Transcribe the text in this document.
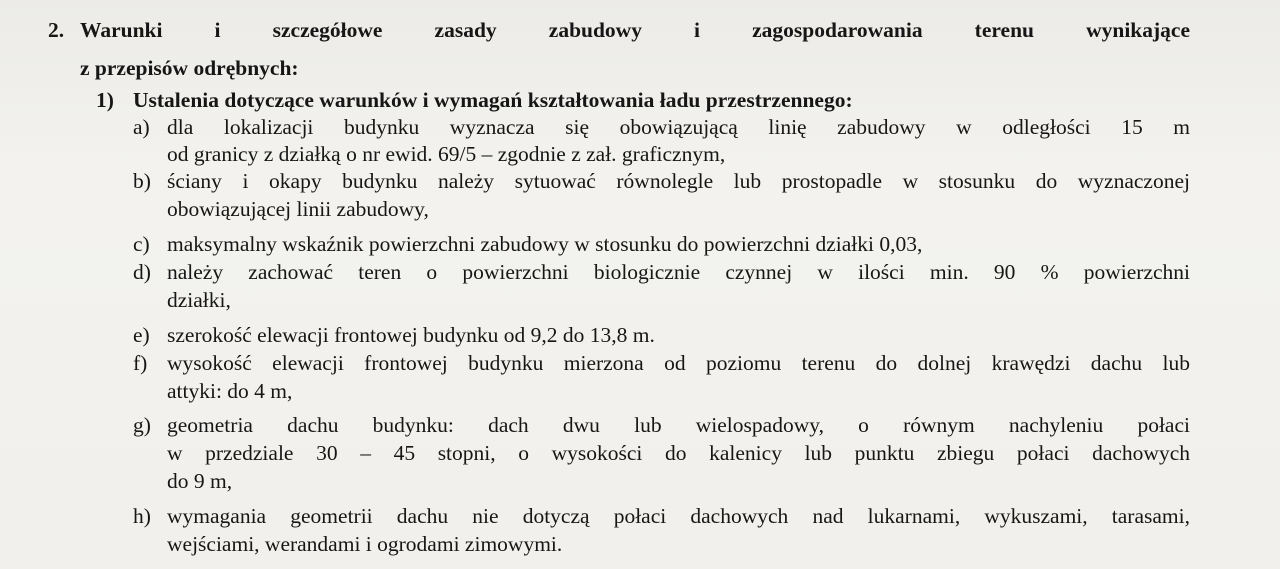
2. Warunki i szczegółowe zasady zabudowy i zagospodarowania terenu wynikające
z przepisów odrębnych:
1) Ustalenia dotyczące warunków i wymagań kształtowania ładu przestrzennego:
a) dla lokalizacji budynku wyznacza się obowiązującą linię zabudowy w odległości 15 m
od granicy z działką o nr ewid. 69/5 – zgodnie z zał. graficznym,
b) ściany i okapy budynku należy sytuować równolegle lub prostopadle w stosunku do wyznaczonej
obowiązującej linii zabudowy,
c) maksymalny wskaźnik powierzchni zabudowy w stosunku do powierzchni działki 0,03,
d) należy zachować teren o powierzchni biologicznie czynnej w ilości min. 90 % powierzchni
działki,
e) szerokość elewacji frontowej budynku od 9,2 do 13,8 m.
f) wysokość elewacji frontowej budynku mierzona od poziomu terenu do dolnej krawędzi dachu lub
attyki: do 4 m,
g) geometria dachu budynku: dach dwu lub wielospadowy, o równym nachyleniu połaci
w przedziale 30 – 45 stopni, o wysokości do kalenicy lub punktu zbiegu połaci dachowych
do 9 m,
h) wymagania geometrii dachu nie dotyczą połaci dachowych nad lukarnami, wykuszami, tarasami,
wejściami, werandami i ogrodami zimowymi.
